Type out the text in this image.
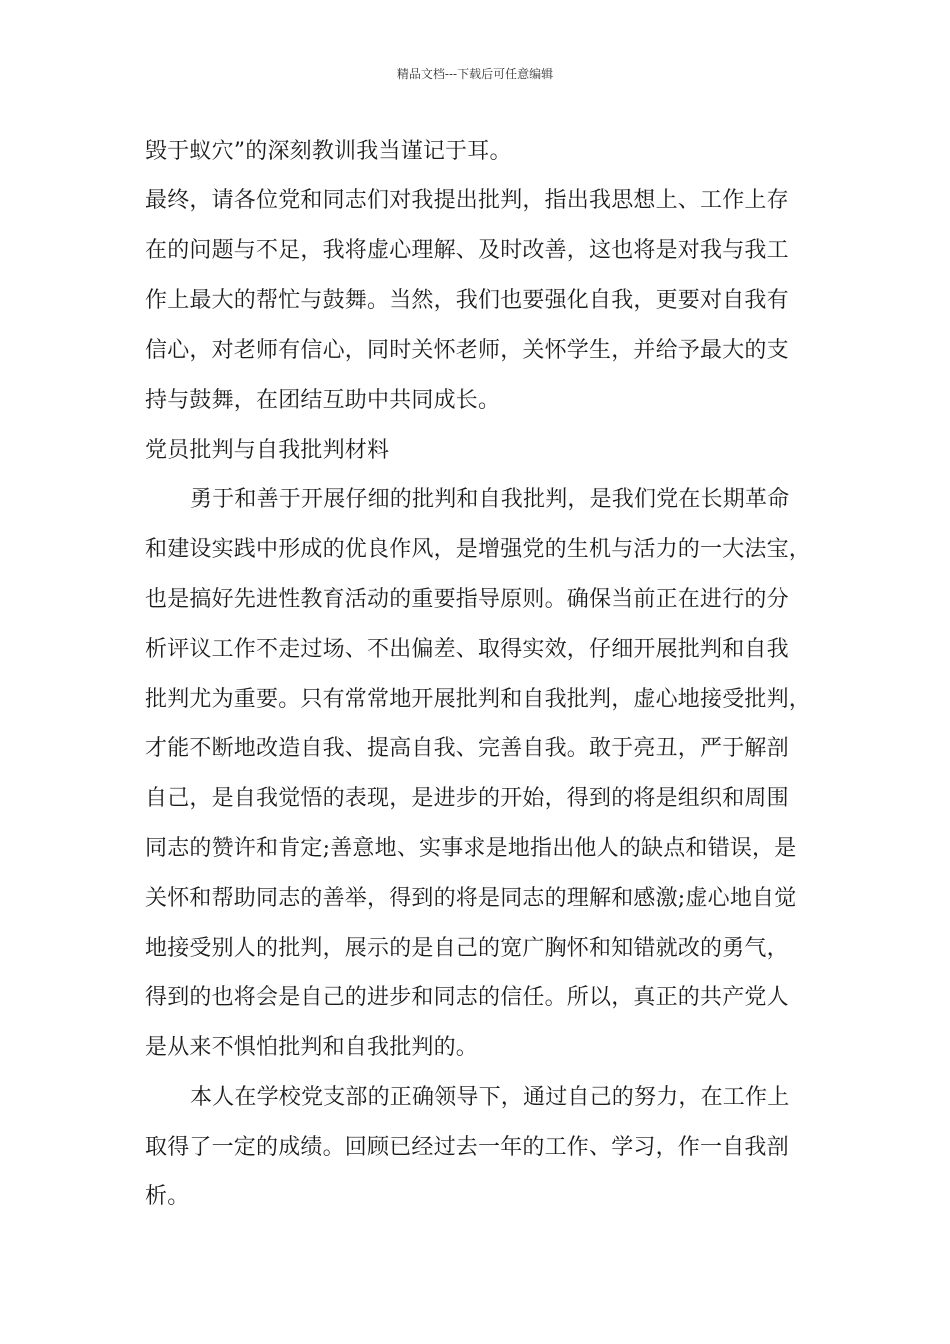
精品文档---下载后可任意编辑
毁于蚁穴”的深刻教训我当谨记于耳。
最终，请各位党和同志们对我提出批判，指出我思想上、工作上存
在的问题与不足，我将虚心理解、及时改善，这也将是对我与我工
作上最大的帮忙与鼓舞。当然，我们也要强化自我，更要对自我有
信心，对老师有信心，同时关怀老师，关怀学生，并给予最大的支
持与鼓舞，在团结互助中共同成长。
党员批判与自我批判材料
勇于和善于开展仔细的批判和自我批判，是我们党在长期革命
和建设实践中形成的优良作风，是增强党的生机与活力的一大法宝，
也是搞好先进性教育活动的重要指导原则。确保当前正在进行的分
析评议工作不走过场、不出偏差、取得实效，仔细开展批判和自我
批判尤为重要。只有常常地开展批判和自我批判，虚心地接受批判，
才能不断地改造自我、提高自我、完善自我。敢于亮丑，严于解剖
自己，是自我觉悟的表现，是进步的开始，得到的将是组织和周围
同志的赞许和肯定;善意地、实事求是地指出他人的缺点和错误，是
关怀和帮助同志的善举，得到的将是同志的理解和感激;虚心地自觉
地接受别人的批判，展示的是自己的宽广胸怀和知错就改的勇气，
得到的也将会是自己的进步和同志的信任。所以，真正的共产党人
是从来不惧怕批判和自我批判的。
本人在学校党支部的正确领导下，通过自己的努力，在工作上
取得了一定的成绩。回顾已经过去一年的工作、学习，作一自我剖
析。
